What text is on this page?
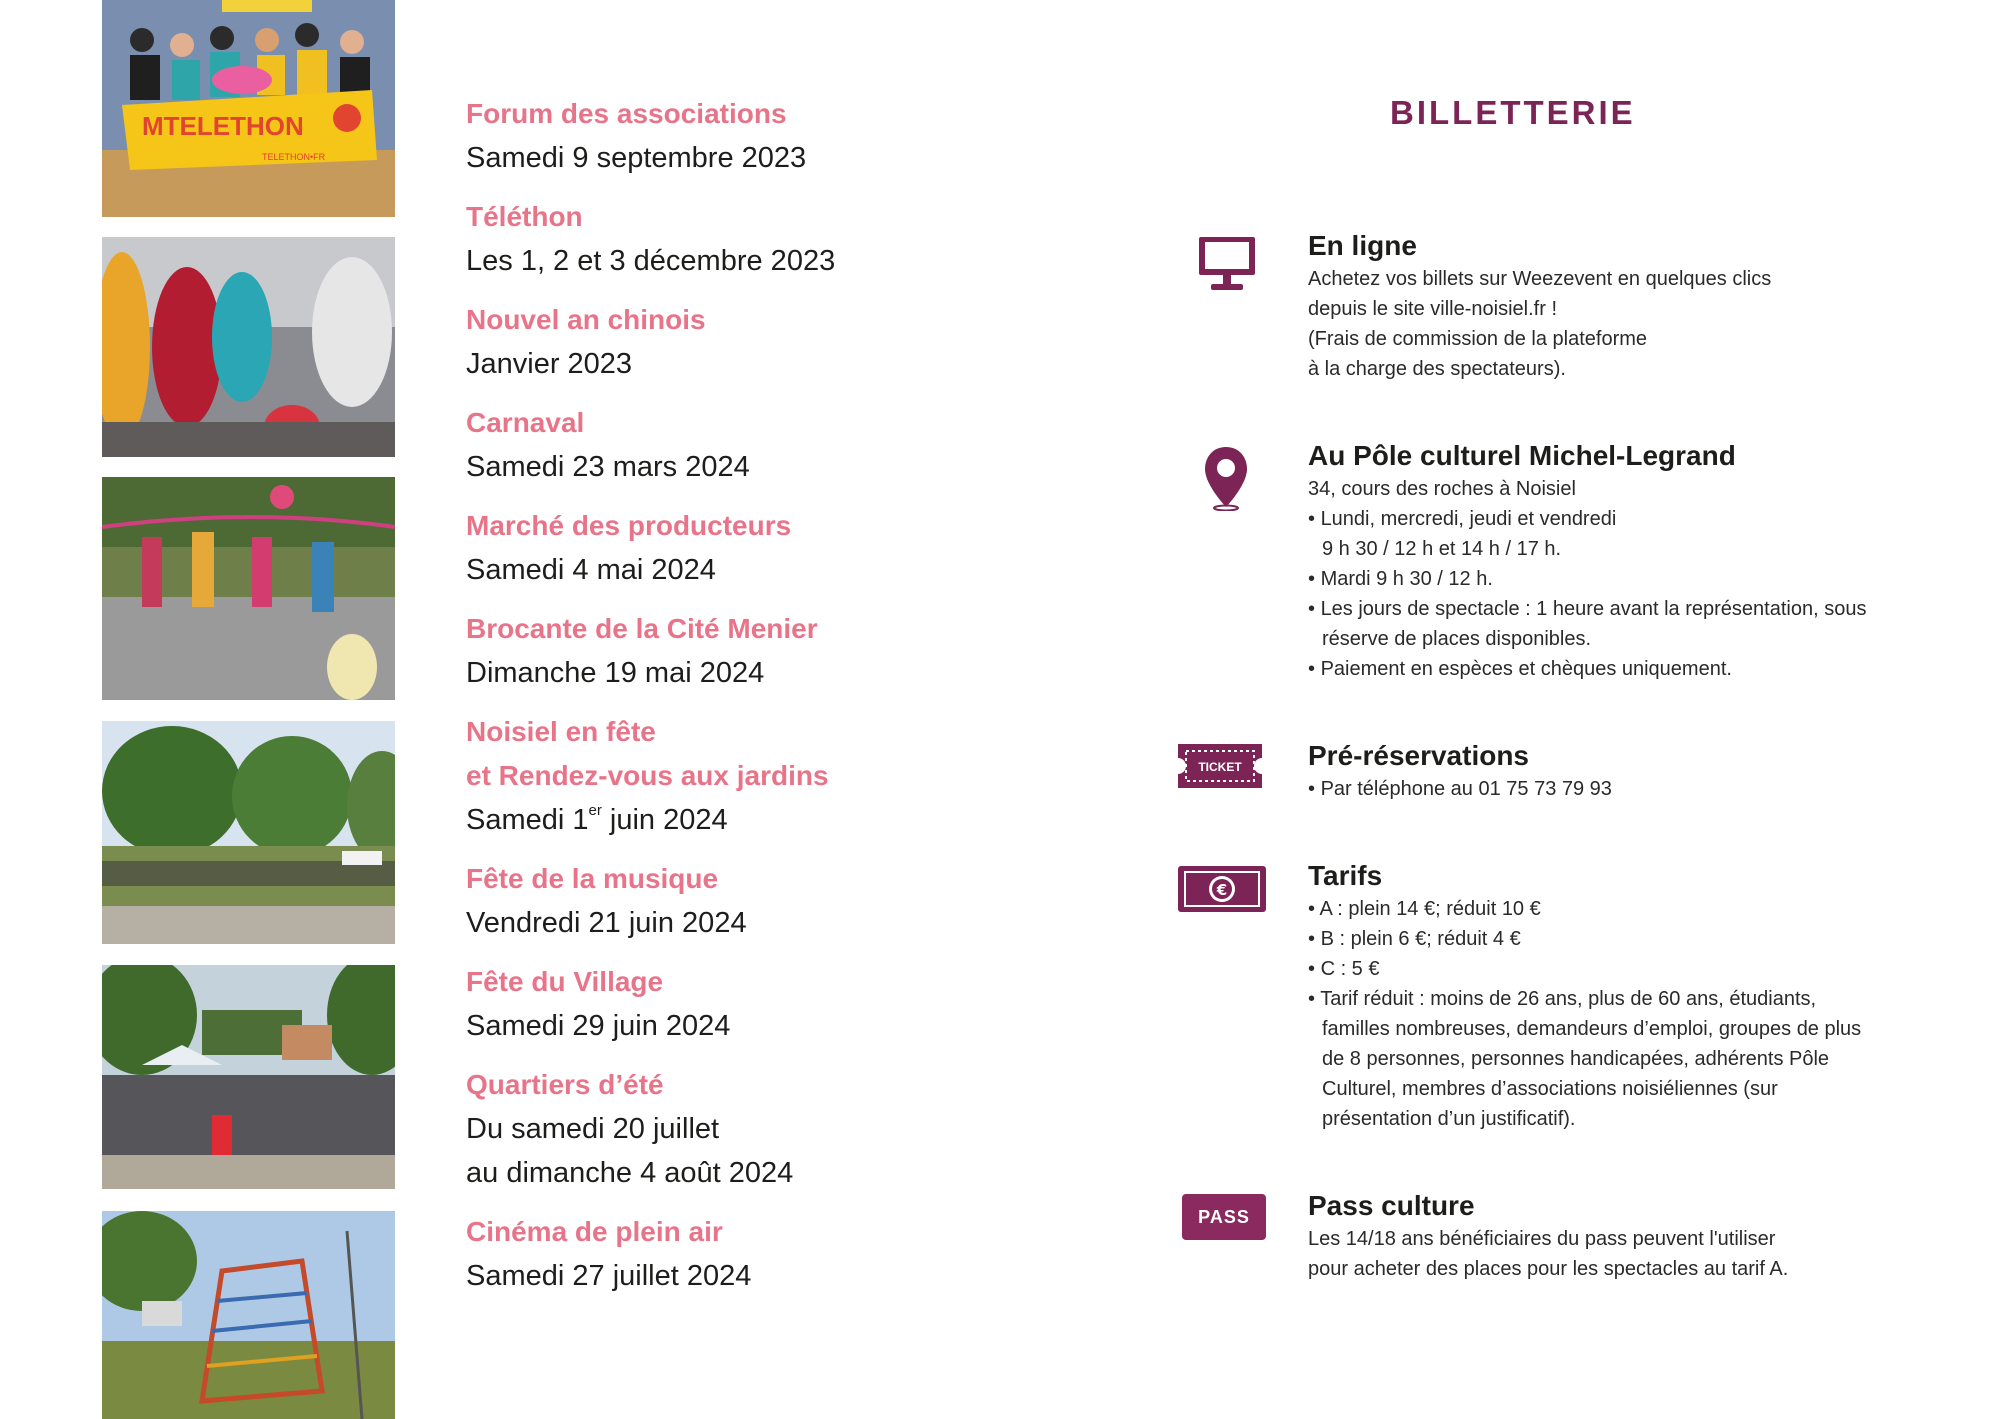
MTELETHON
TELETHON•FR
Forum des associations
Samedi 9 septembre 2023
Téléthon
Les 1, 2 et 3 décembre 2023
Nouvel an chinois
Janvier 2023
Carnaval
Samedi 23 mars 2024
Marché des producteurs
Samedi 4 mai 2024
Brocante de la Cité Menier
Dimanche 19 mai 2024
Noisiel en fête
et Rendez-vous aux jardins
Samedi 1er juin 2024
Fête de la musique
Vendredi 21 juin 2024
Fête du Village
Samedi 29 juin 2024
Quartiers d’été
Du samedi 20 juillet
au dimanche 4 août 2024
Cinéma de plein air
Samedi 27 juillet 2024
BILLETTERIE
En ligne

Achetez vos billets sur Weezevent en quelques clics

depuis le site ville-noisiel.fr !

(Frais de commission de la plateforme

à la charge des spectateurs).

Au Pôle culturel Michel-Legrand

34, cours des roches à Noisiel

• Lundi, mercredi, jeudi et vendredi 9 h 30 / 12 h et 14 h / 17 h.
• Mardi 9 h 30 / 12 h.
• Les jours de spectacle : 1 heure avant la représentation, sous réserve de places disponibles.
• Paiement en espèces et chèques uniquement.
TICKET Pré-réservations
• Par téléphone au 01 75 73 79 93
€	Tarifs
• A : plein 14 €; réduit 10 €
• B : plein 6 €; réduit 4 €
• C : 5 €
• Tarif réduit : moins de 26 ans, plus de 60 ans, étudiants, familles nombreuses, demandeurs d’emploi, groupes de plus de 8 personnes, personnes handicapées, adhérents Pôle Culturel, membres d’associations noisiéliennes (sur présentation d’un justificatif).
PASS	Pass culture

Les 14/18 ans bénéficiaires du pass peuvent l'utiliser

pour acheter des places pour les spectacles au tarif A.
